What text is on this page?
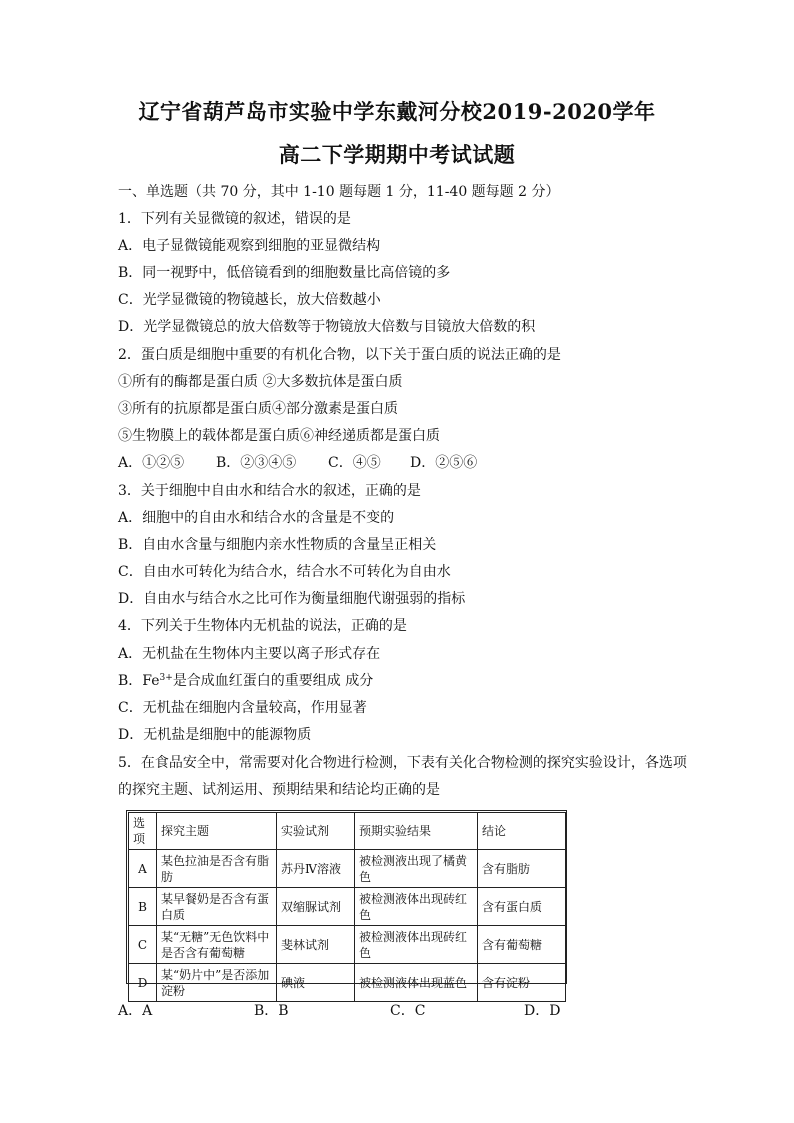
辽宁省葫芦岛市实验中学东戴河分校2019-2020学年
高二下学期期中考试试题
一、单选题（共 70 分，其中 1-10 题每题 1 分，11-40 题每题 2 分）
1．下列有关显微镜的叙述，错误的是
A．电子显微镜能观察到细胞的亚显微结构
B．同一视野中，低倍镜看到的细胞数量比高倍镜的多
C．光学显微镜的物镜越长，放大倍数越小
D．光学显微镜总的放大倍数等于物镜放大倍数与目镜放大倍数的积
2．蛋白质是细胞中重要的有机化合物，以下关于蛋白质的说法正确的是
①所有的酶都是蛋白质 ②大多数抗体是蛋白质
③所有的抗原都是蛋白质④部分激素是蛋白质
⑤生物膜上的载体都是蛋白质⑥神经递质都是蛋白质
A．①②⑤ B．②③④⑤ C．④⑤ D．②⑤⑥
3．关于细胞中自由水和结合水的叙述，正确的是
A．细胞中的自由水和结合水的含量是不变的
B．自由水含量与细胞内亲水性物质的含量呈正相关
C．自由水可转化为结合水，结合水不可转化为自由水
D．自由水与结合水之比可作为衡量细胞代谢强弱的指标
4．下列关于生物体内无机盐的说法，正确的是
A．无机盐在生物体内主要以离子形式存在
B．$Fe^{3+}$是合成血红蛋白的重要组成 成分
C．无机盐在细胞内含量较高，作用显著
D．无机盐是细胞中的能源物质
5．在食品安全中，常需要对化合物进行检测，下表有关化合物检测的探究实验设计，各选项
的探究主题、试剂运用、预期结果和结论均正确的是
选项	探究主题	实验试剂	预期实验结果	结论
A	某色拉油是否含有脂肪	苏丹Ⅳ溶液	被检测液出现了橘黄色	含有脂肪
B	某早餐奶是否含有蛋白质	双缩脲试剂	被检测液体出现砖红色	含有蛋白质
C	某“无糖”无色饮料中是否含有葡萄糖	斐林试剂	被检测液体出现砖红色	含有葡萄糖
D	某“奶片中”是否添加淀粉	碘液	被检测液体出现蓝色	含有淀粉
A．A	B．B	C．C	D．D
